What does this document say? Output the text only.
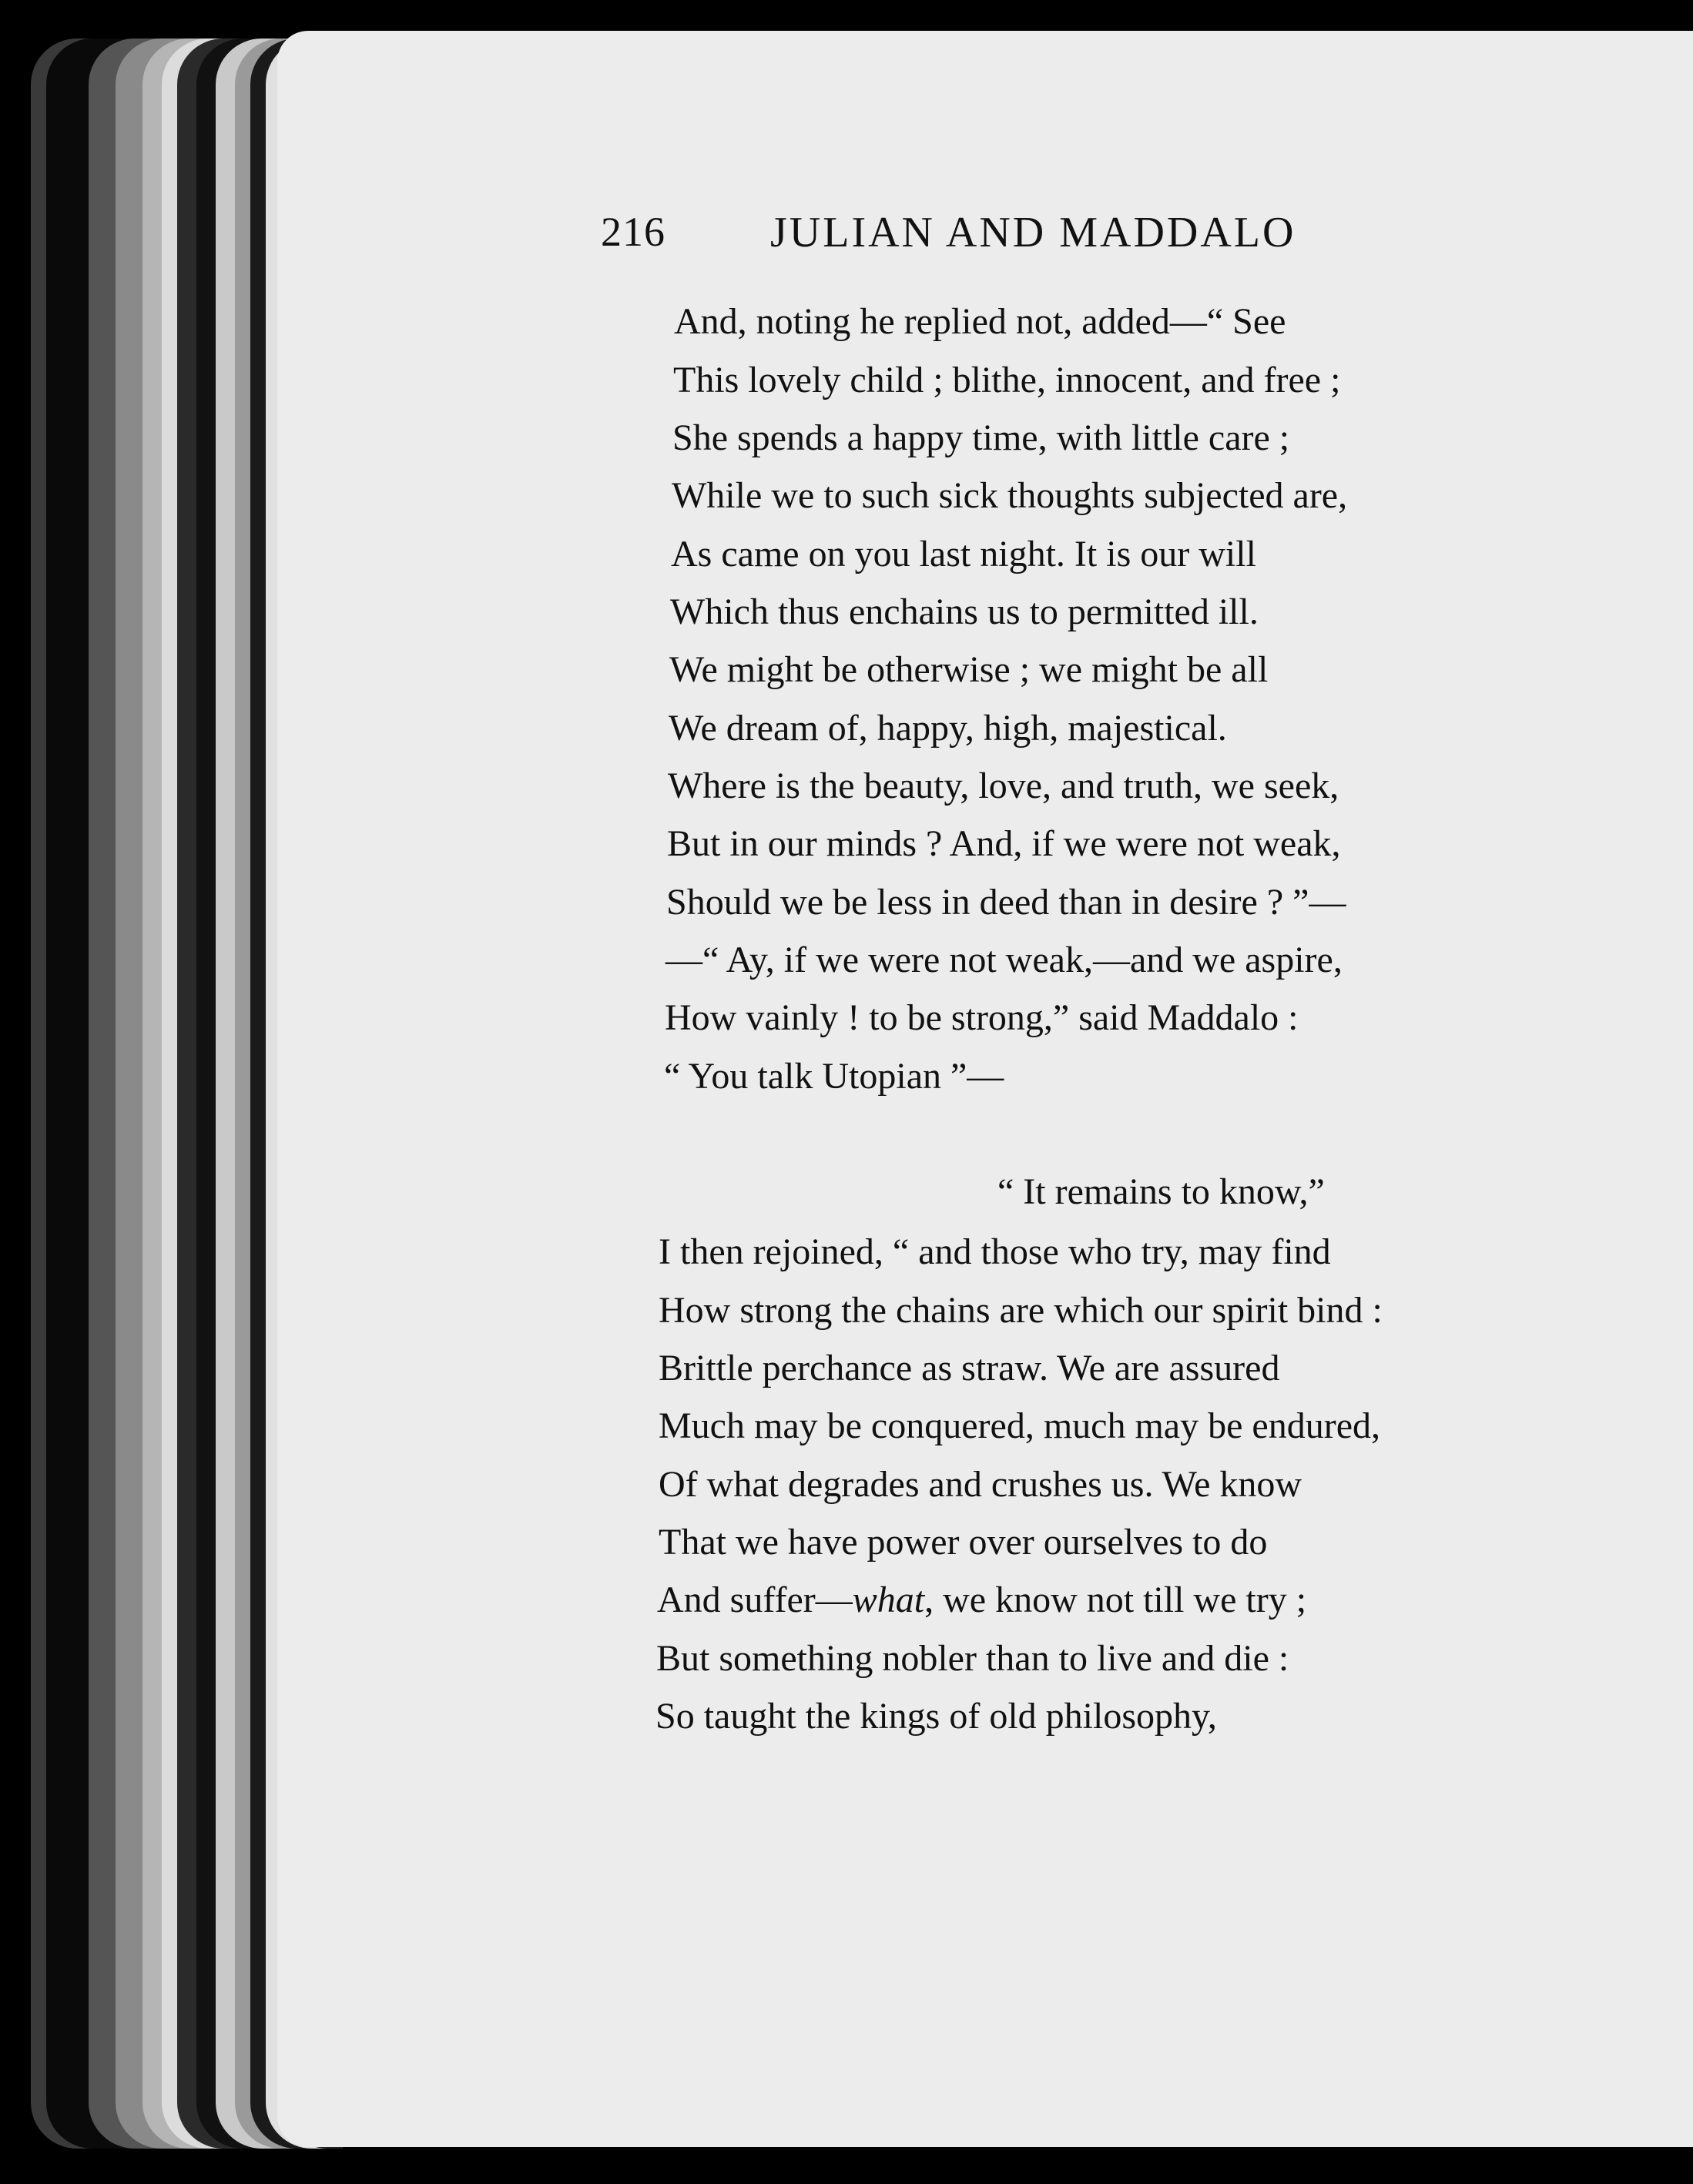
216 JULIAN AND MADDALO
And, noting he replied not, added—“ See
This lovely child ; blithe, innocent, and free ;
She spends a happy time, with little care ;
While we to such sick thoughts subjected are,
As came on you last night. It is our will
Which thus enchains us to permitted ill.
We might be otherwise ; we might be all
We dream of, happy, high, majestical.
Where is the beauty, love, and truth, we seek,
But in our minds ? And, if we were not weak,
Should we be less in deed than in desire ? ”—
—“ Ay, if we were not weak,—and we aspire,
How vainly ! to be strong,” said Maddalo :
“ You talk Utopian ”—
“ It remains to know,”
I then rejoined, “ and those who try, may find
How strong the chains are which our spirit bind :
Brittle perchance as straw. We are assured
Much may be conquered, much may be endured,
Of what degrades and crushes us. We know
That we have power over ourselves to do
And suffer—what, we know not till we try ;
But something nobler than to live and die :
So taught the kings of old philosophy,
